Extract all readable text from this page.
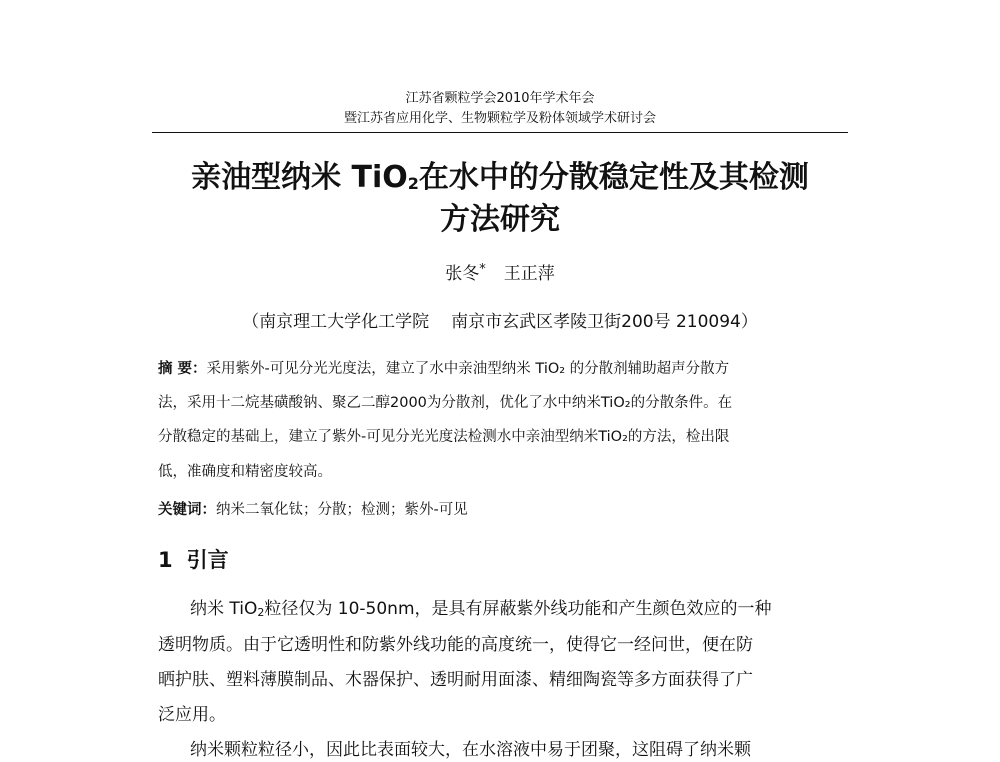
江苏省颗粒学会2010年学术年会
暨江苏省应用化学、生物颗粒学及粉体领域学术研讨会
亲油型纳米 TiO$_2$在水中的分散稳定性及其检测
方法研究
张冬* 王正萍
（南京理工大学化工学院 南京市玄武区孝陵卫街200号 210094）
摘 要：采用紫外-可见分光光度法，建立了水中亲油型纳米 TiO₂ 的分散剂辅助超声分散方
法，采用十二烷基磺酸钠、聚乙二醇2000为分散剂，优化了水中纳米TiO₂的分散条件。在
分散稳定的基础上，建立了紫外-可见分光光度法检测水中亲油型纳米TiO₂的方法，检出限
低，准确度和精密度较高。
关键词：纳米二氧化钛；分散；检测；紫外-可见
1 引言
纳米 TiO$_2$粒径仅为 10-50nm，是具有屏蔽紫外线功能和产生颜色效应的一种
透明物质。由于它透明性和防紫外线功能的高度统一，使得它一经问世，便在防
晒护肤、塑料薄膜制品、木器保护、透明耐用面漆、精细陶瓷等多方面获得了广
泛应用。
纳米颗粒粒径小，因此比表面较大，在水溶液中易于团聚，这阻碍了纳米颗
